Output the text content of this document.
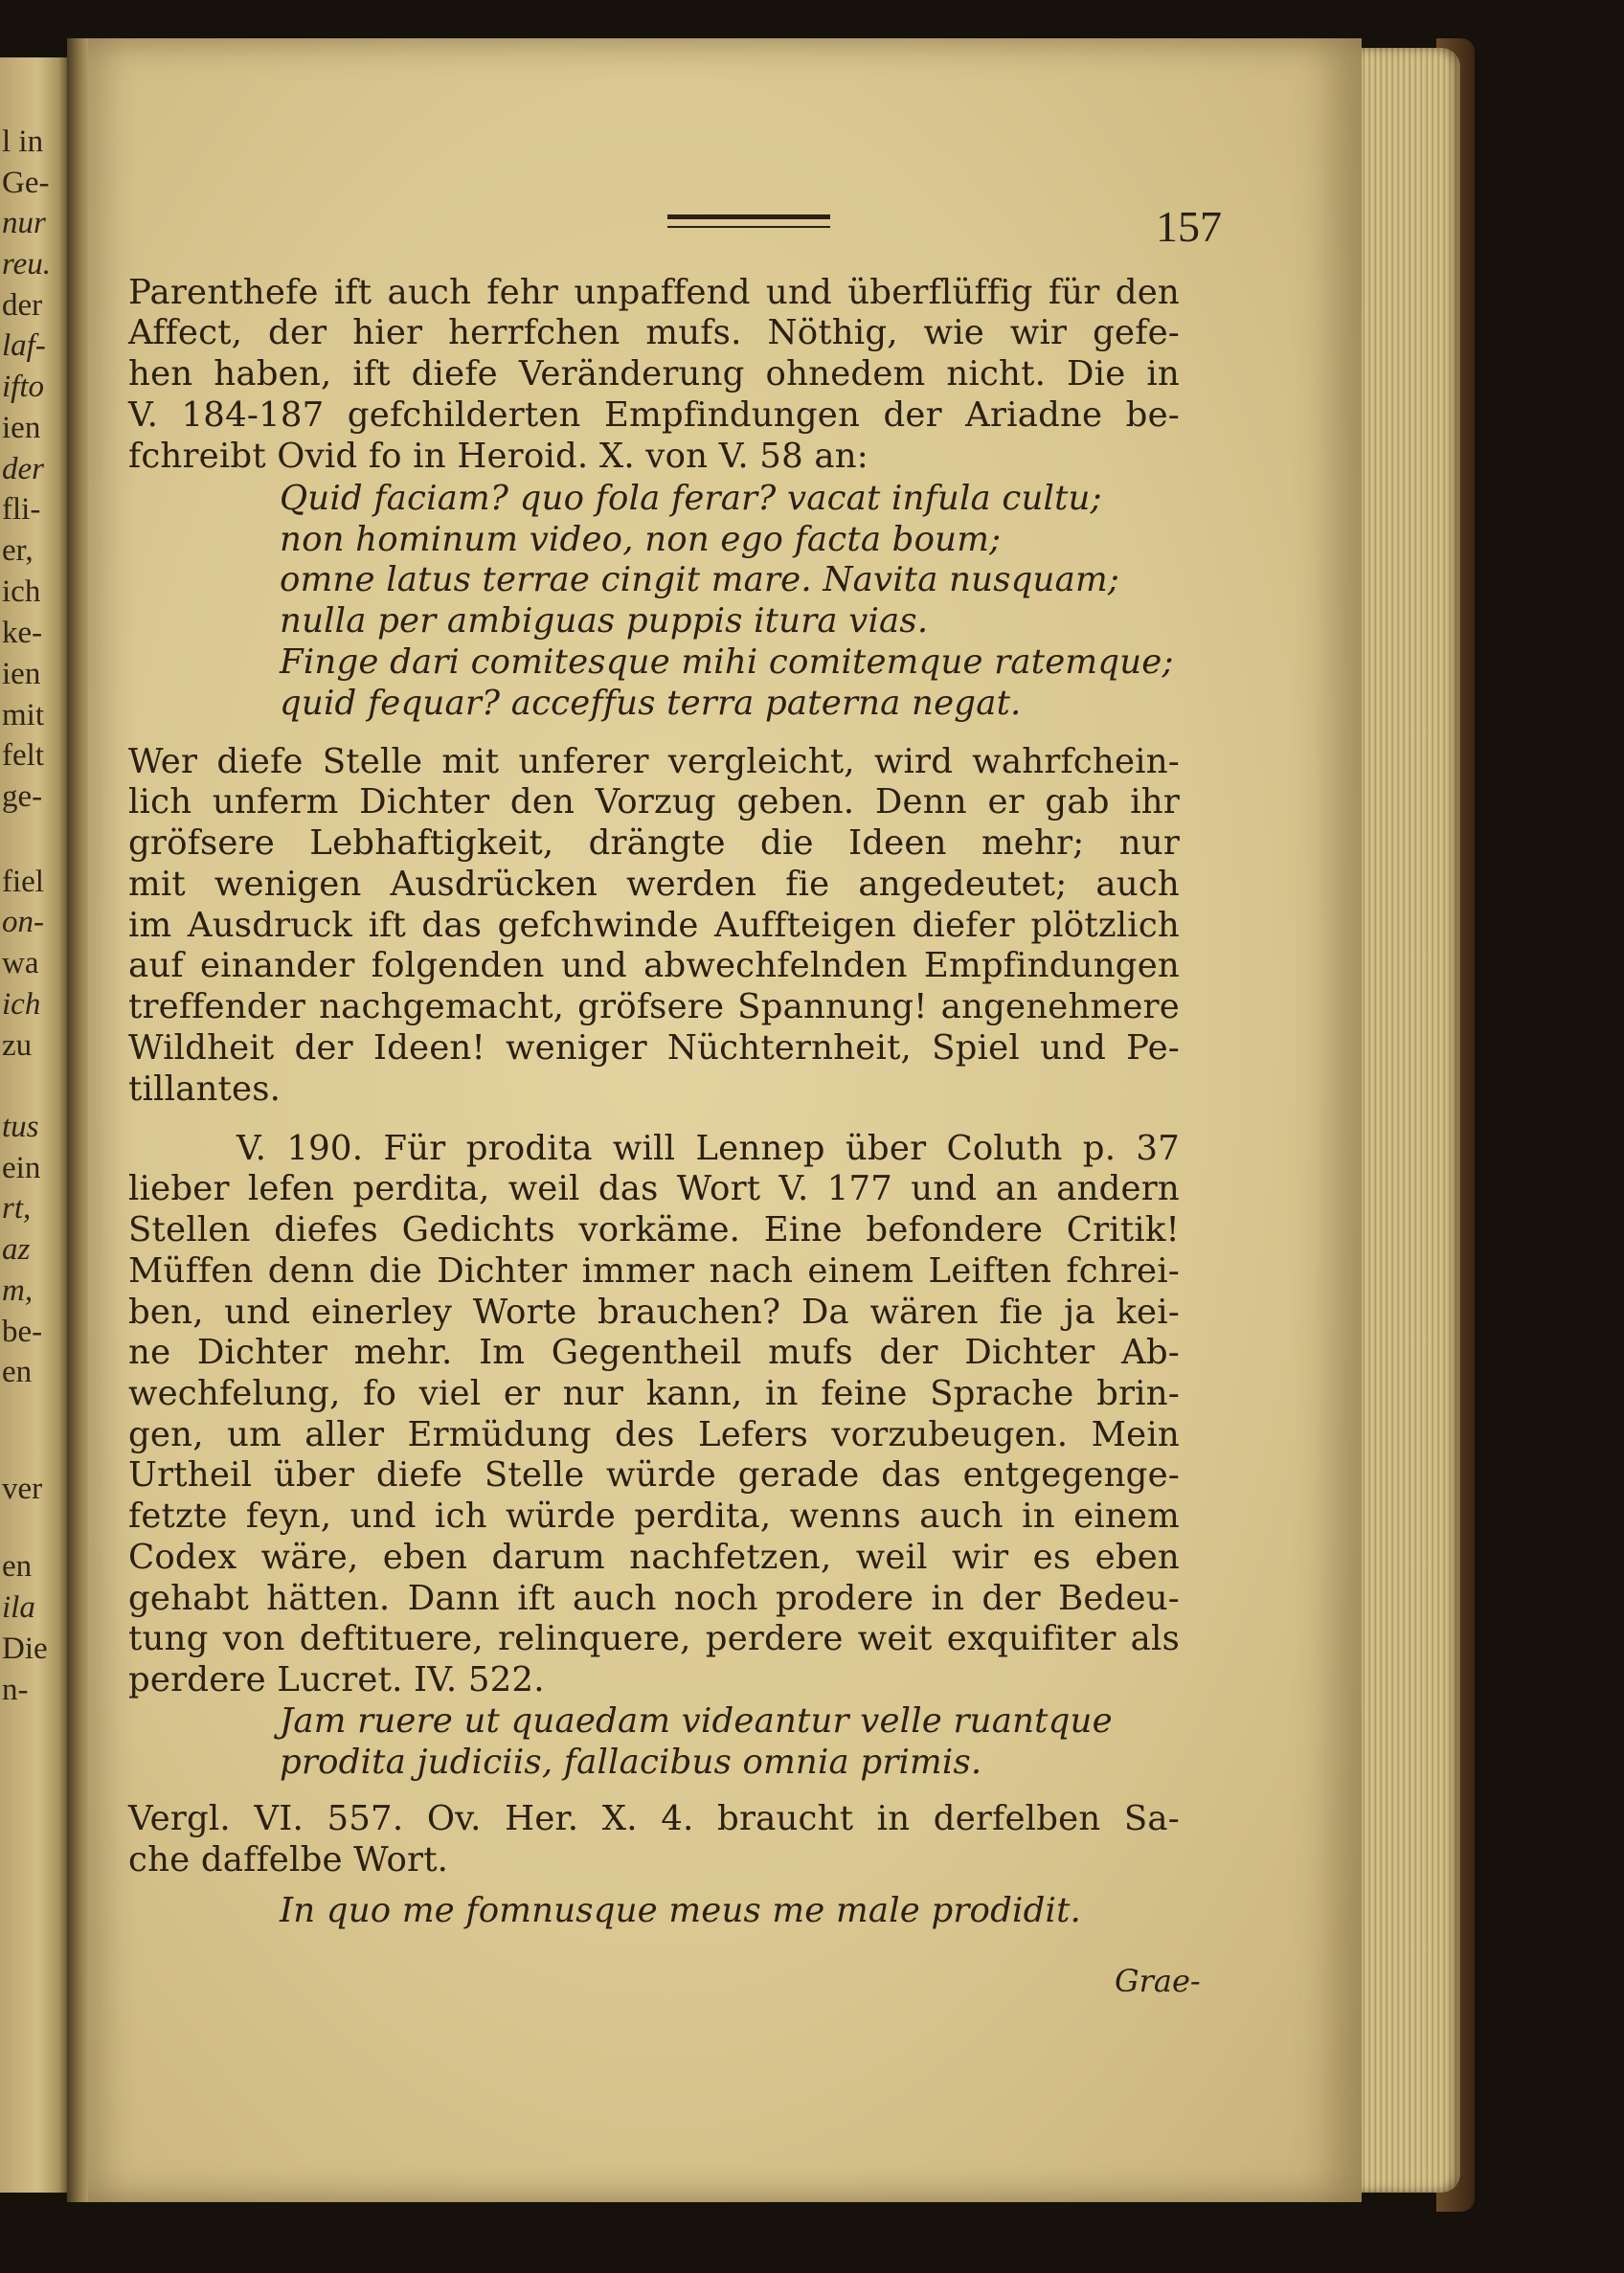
l in
Ge-
nur
reu.
der
laf-
ifto
ien
der
fli-
er,
ich
ke-
ien
mit
felt
ge-
fiel
on-
wa
ich
zu
tus
ein
rt,
az
m,
be-
en
ver
en
ila
Die
n-
157
Parenthefe ift auch fehr unpaffend und überflüffig für den
Affect, der hier herrfchen mufs. Nöthig, wie wir gefe-
hen haben, ift diefe Veränderung ohnedem nicht. Die in
V. 184-187 gefchilderten Empfindungen der Ariadne be-
fchreibt Ovid fo in Heroid. X. von V. 58 an:
Quid faciam? quo fola ferar? vacat infula cultu;
non hominum video, non ego facta boum;
omne latus terrae cingit mare. Navita nusquam;
nulla per ambiguas puppis itura vias.
Finge dari comitesque mihi comitemque ratemque;
quid fequar? acceffus terra paterna negat.
Wer diefe Stelle mit unferer vergleicht, wird wahrfchein-
lich unferm Dichter den Vorzug geben. Denn er gab ihr
gröfsere Lebhaftigkeit, drängte die Ideen mehr; nur
mit wenigen Ausdrücken werden fie angedeutet; auch
im Ausdruck ift das gefchwinde Auffteigen diefer plötzlich
auf einander folgenden und abwechfelnden Empfindungen
treffender nachgemacht, gröfsere Spannung! angenehmere
Wildheit der Ideen! weniger Nüchternheit, Spiel und Pe-
tillantes.
V. 190. Für prodita will Lennep über Coluth p. 37
lieber lefen perdita, weil das Wort V. 177 und an andern
Stellen diefes Gedichts vorkäme. Eine befondere Critik!
Müffen denn die Dichter immer nach einem Leiften fchrei-
ben, und einerley Worte brauchen? Da wären fie ja kei-
ne Dichter mehr. Im Gegentheil mufs der Dichter Ab-
wechfelung, fo viel er nur kann, in feine Sprache brin-
gen, um aller Ermüdung des Lefers vorzubeugen. Mein
Urtheil über diefe Stelle würde gerade das entgegenge-
fetzte feyn, und ich würde perdita, wenns auch in einem
Codex wäre, eben darum nachfetzen, weil wir es eben
gehabt hätten. Dann ift auch noch prodere in der Bedeu-
tung von deftituere, relinquere, perdere weit exquifiter als
perdere Lucret. IV. 522.
Jam ruere ut quaedam videantur velle ruantque
prodita judiciis, fallacibus omnia primis.
Vergl. VI. 557. Ov. Her. X. 4. braucht in derfelben Sa-
che daffelbe Wort.
In quo me fomnusque meus me male prodidit.
Grae-
